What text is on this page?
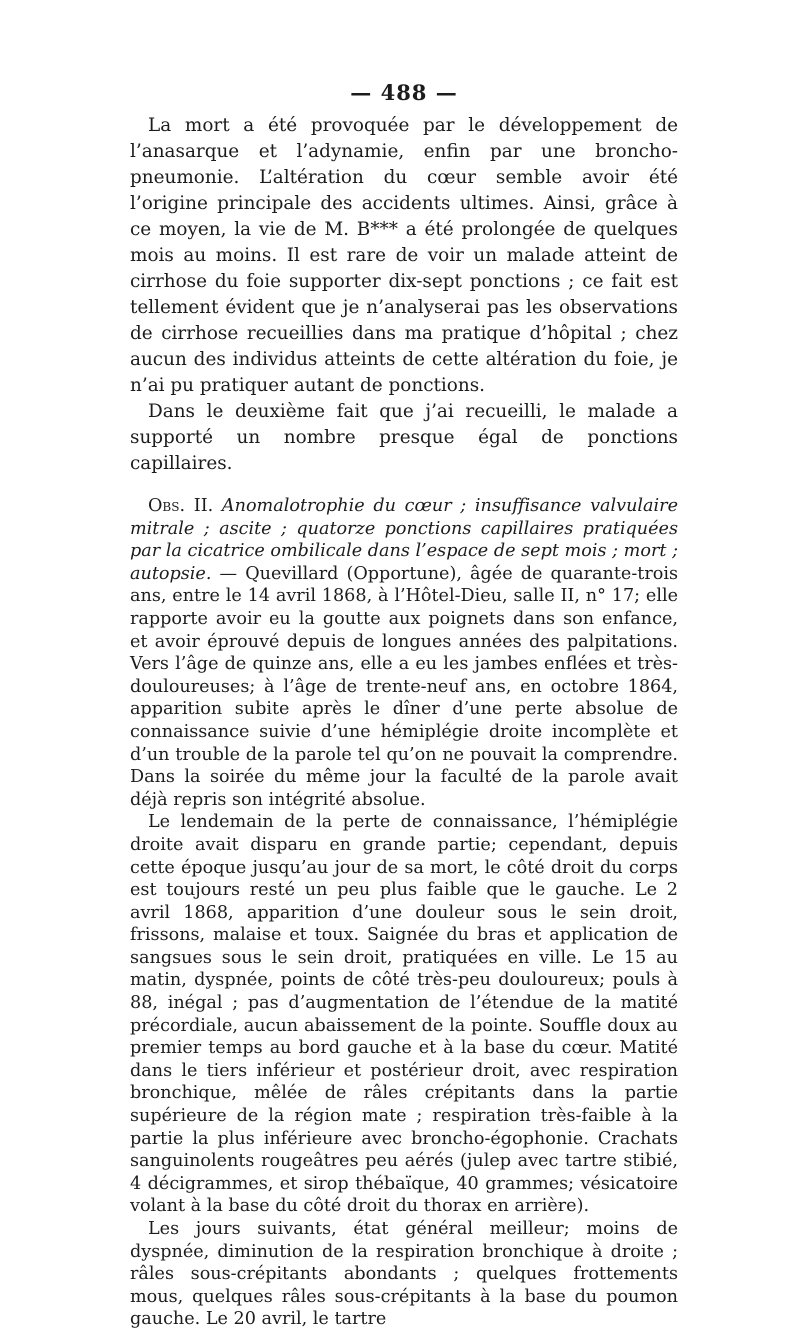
— 488 —

La mort a été provoquée par le développement de l’anasarque et l’adynamie, enfin par une broncho-pneumonie. L’altération du cœur semble avoir été l’origine principale des accidents ultimes. Ainsi, grâce à ce moyen, la vie de M. B*** a été prolongée de quelques mois au moins. Il est rare de voir un malade atteint de cirrhose du foie supporter dix-sept ponctions ; ce fait est tellement évident que je n’analyserai pas les observations de cirrhose recueillies dans ma pratique d’hôpital ; chez aucun des individus atteints de cette altération du foie, je n’ai pu pratiquer autant de ponctions.

Dans le deuxième fait que j’ai recueilli, le malade a supporté un nombre presque égal de ponctions capillaires.

Obs. II. Anomalotrophie du cœur ; insuffisance valvulaire mitrale ; ascite ; quatorze ponctions capillaires pratiquées par la cicatrice ombilicale dans l’espace de sept mois ; mort ; autopsie. — Quevillard (Opportune), âgée de quarante-trois ans, entre le 14 avril 1868, à l’Hôtel-Dieu, salle II, n° 17; elle rapporte avoir eu la goutte aux poignets dans son enfance, et avoir éprouvé depuis de longues années des palpitations. Vers l’âge de quinze ans, elle a eu les jambes enflées et très-douloureuses; à l’âge de trente-neuf ans, en octobre 1864, apparition subite après le dîner d’une perte absolue de connaissance suivie d’une hémiplégie droite incomplète et d’un trouble de la parole tel qu’on ne pouvait la comprendre. Dans la soirée du même jour la faculté de la parole avait déjà repris son intégrité absolue.

Le lendemain de la perte de connaissance, l’hémiplégie droite avait disparu en grande partie; cependant, depuis cette époque jusqu’au jour de sa mort, le côté droit du corps est toujours resté un peu plus faible que le gauche. Le 2 avril 1868, apparition d’une douleur sous le sein droit, frissons, malaise et toux. Saignée du bras et application de sangsues sous le sein droit, pratiquées en ville. Le 15 au matin, dyspnée, points de côté très-peu douloureux; pouls à 88, inégal ; pas d’augmentation de l’étendue de la matité précordiale, aucun abaissement de la pointe. Souffle doux au premier temps au bord gauche et à la base du cœur. Matité dans le tiers inférieur et postérieur droit, avec respiration bronchique, mêlée de râles crépitants dans la partie supérieure de la région mate ; respiration très-faible à la partie la plus inférieure avec broncho-égophonie. Crachats sanguinolents rougeâtres peu aérés (julep avec tartre stibié, 4 décigrammes, et sirop thébaïque, 40 grammes; vésicatoire volant à la base du côté droit du thorax en arrière).

Les jours suivants, état général meilleur; moins de dyspnée, diminution de la respiration bronchique à droite ; râles sous-crépitants abondants ; quelques frottements mous, quelques râles sous-crépitants à la base du poumon gauche. Le 20 avril, le tartre
